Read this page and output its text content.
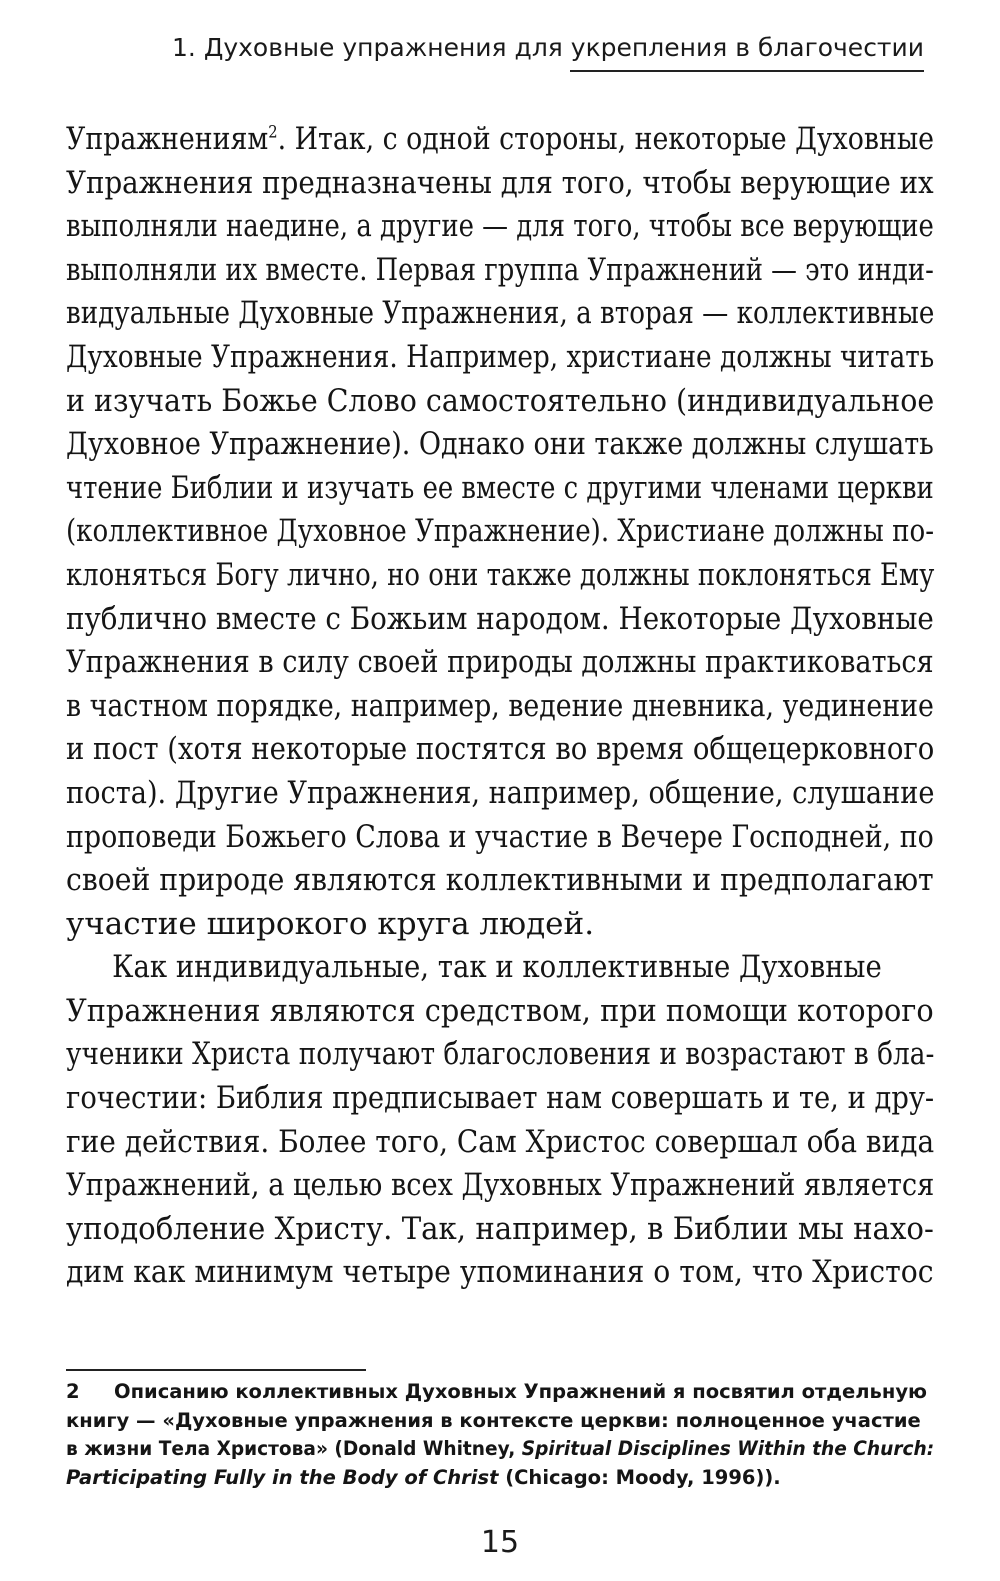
1. Духовные упражнения для укрепления в благочестии
Упражнениям$^2$. Итак, с одной стороны, некоторые Духовные
Упражнения предназначены для того, чтобы верующие их
выполняли наедине, а другие — для того, чтобы все верующие
выполняли их вместе. Первая группа Упражнений — это инди-
видуальные Духовные Упражнения, а вторая — коллективные
Духовные Упражнения. Например, христиане должны читать
и изучать Божье Слово самостоятельно (индивидуальное
Духовное Упражнение). Однако они также должны слушать
чтение Библии и изучать ее вместе с другими членами церкви
(коллективное Духовное Упражнение). Христиане должны по-
клоняться Богу лично, но они также должны поклоняться Ему
публично вместе с Божьим народом. Некоторые Духовные
Упражнения в силу своей природы должны практиковаться
в частном порядке, например, ведение дневника, уединение
и пост (хотя некоторые постятся во время общецерковного
поста). Другие Упражнения, например, общение, слушание
проповеди Божьего Слова и участие в Вечере Господней, по
своей природе являются коллективными и предполагают
участие широкого круга людей.
Как индивидуальные, так и коллективные Духовные
Упражнения являются средством, при помощи которого
ученики Христа получают благословения и возрастают в бла-
гочестии: Библия предписывает нам совершать и те, и дру-
гие действия. Более того, Сам Христос совершал оба вида
Упражнений, а целью всех Духовных Упражнений является
уподобление Христу. Так, например, в Библии мы нахо-
дим как минимум четыре упоминания о том, что Христос
2 Описанию коллективных Духовных Упражнений я посвятил отдельную
книгу — «Духовные упражнения в контексте церкви: полноценное участие
в жизни Тела Христова» (Donald Whitney, Spiritual Disciplines Within the Church:
Participating Fully in the Body of Christ (Chicago: Moody, 1996)).
15
